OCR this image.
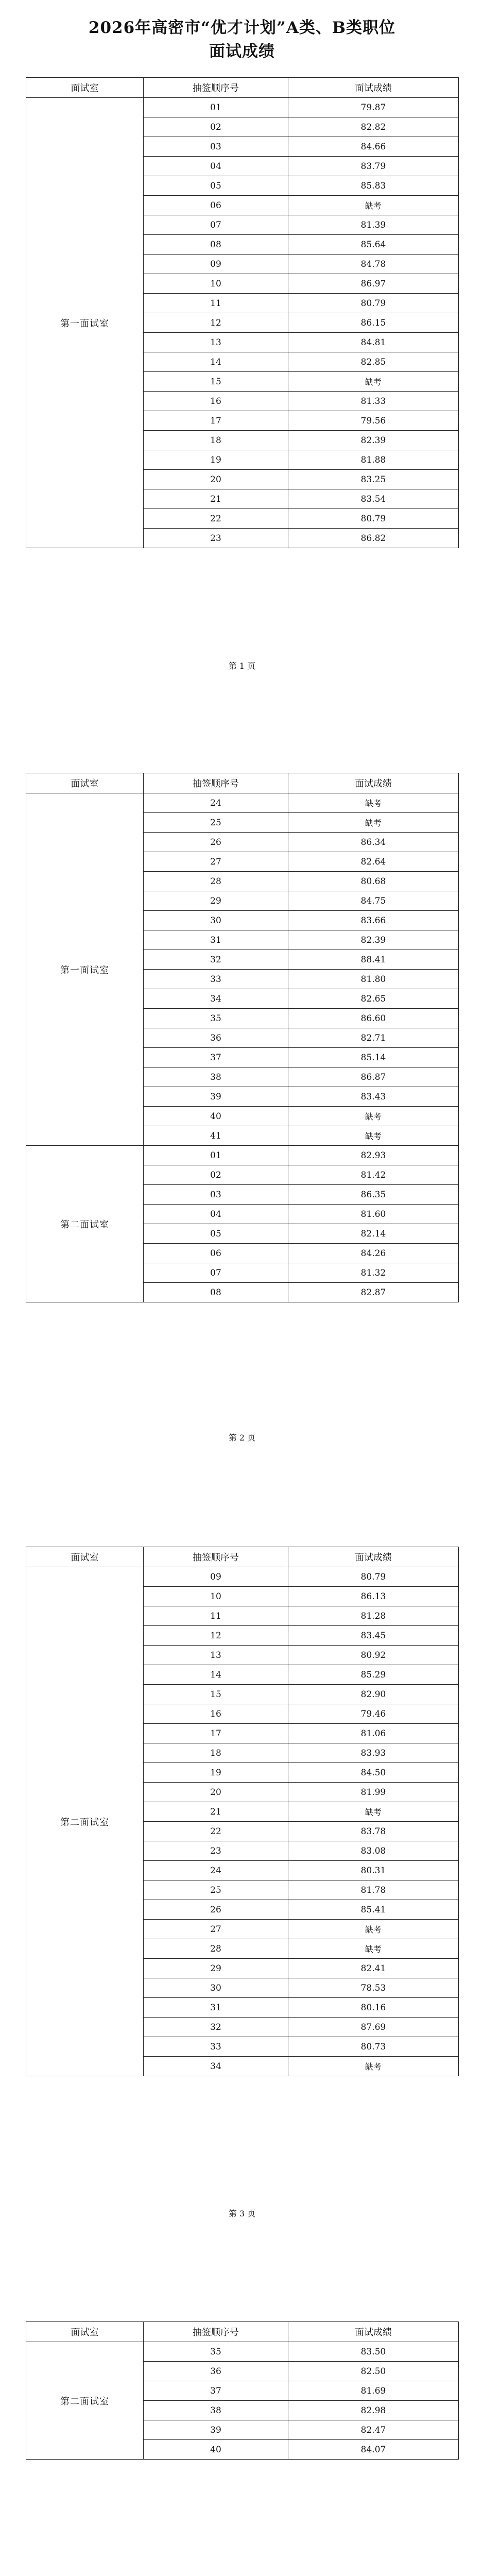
2026年高密市“优才计划”A类、B类职位
面试成绩
面试室	抽签顺序号	面试成绩
第一面试室	01	79.87
	02	82.82
	03	84.66
	04	83.79
	05	85.83
	06	缺考
	07	81.39
	08	85.64
	09	84.78
	10	86.97
	11	80.79
	12	86.15
	13	84.81
	14	82.85
	15	缺考
	16	81.33
	17	79.56
	18	82.39
	19	81.88
	20	83.25
	21	83.54
	22	80.79
	23	86.82
第 1 页
面试室	抽签顺序号	面试成绩
第一面试室	24	缺考
	25	缺考
	26	86.34
	27	82.64
	28	80.68
	29	84.75
	30	83.66
	31	82.39
	32	88.41
	33	81.80
	34	82.65
	35	86.60
	36	82.71
	37	85.14
	38	86.87
	39	83.43
	40	缺考
	41	缺考
第二面试室	01	82.93
	02	81.42
	03	86.35
	04	81.60
	05	82.14
	06	84.26
	07	81.32
	08	82.87
第 2 页
面试室	抽签顺序号	面试成绩
第二面试室	09	80.79
	10	86.13
	11	81.28
	12	83.45
	13	80.92
	14	85.29
	15	82.90
	16	79.46
	17	81.06
	18	83.93
	19	84.50
	20	81.99
	21	缺考
	22	83.78
	23	83.08
	24	80.31
	25	81.78
	26	85.41
	27	缺考
	28	缺考
	29	82.41
	30	78.53
	31	80.16
	32	87.69
	33	80.73
	34	缺考
第 3 页
面试室	抽签顺序号	面试成绩
第二面试室	35	83.50
	36	82.50
	37	81.69
	38	82.98
	39	82.47
	40	84.07
